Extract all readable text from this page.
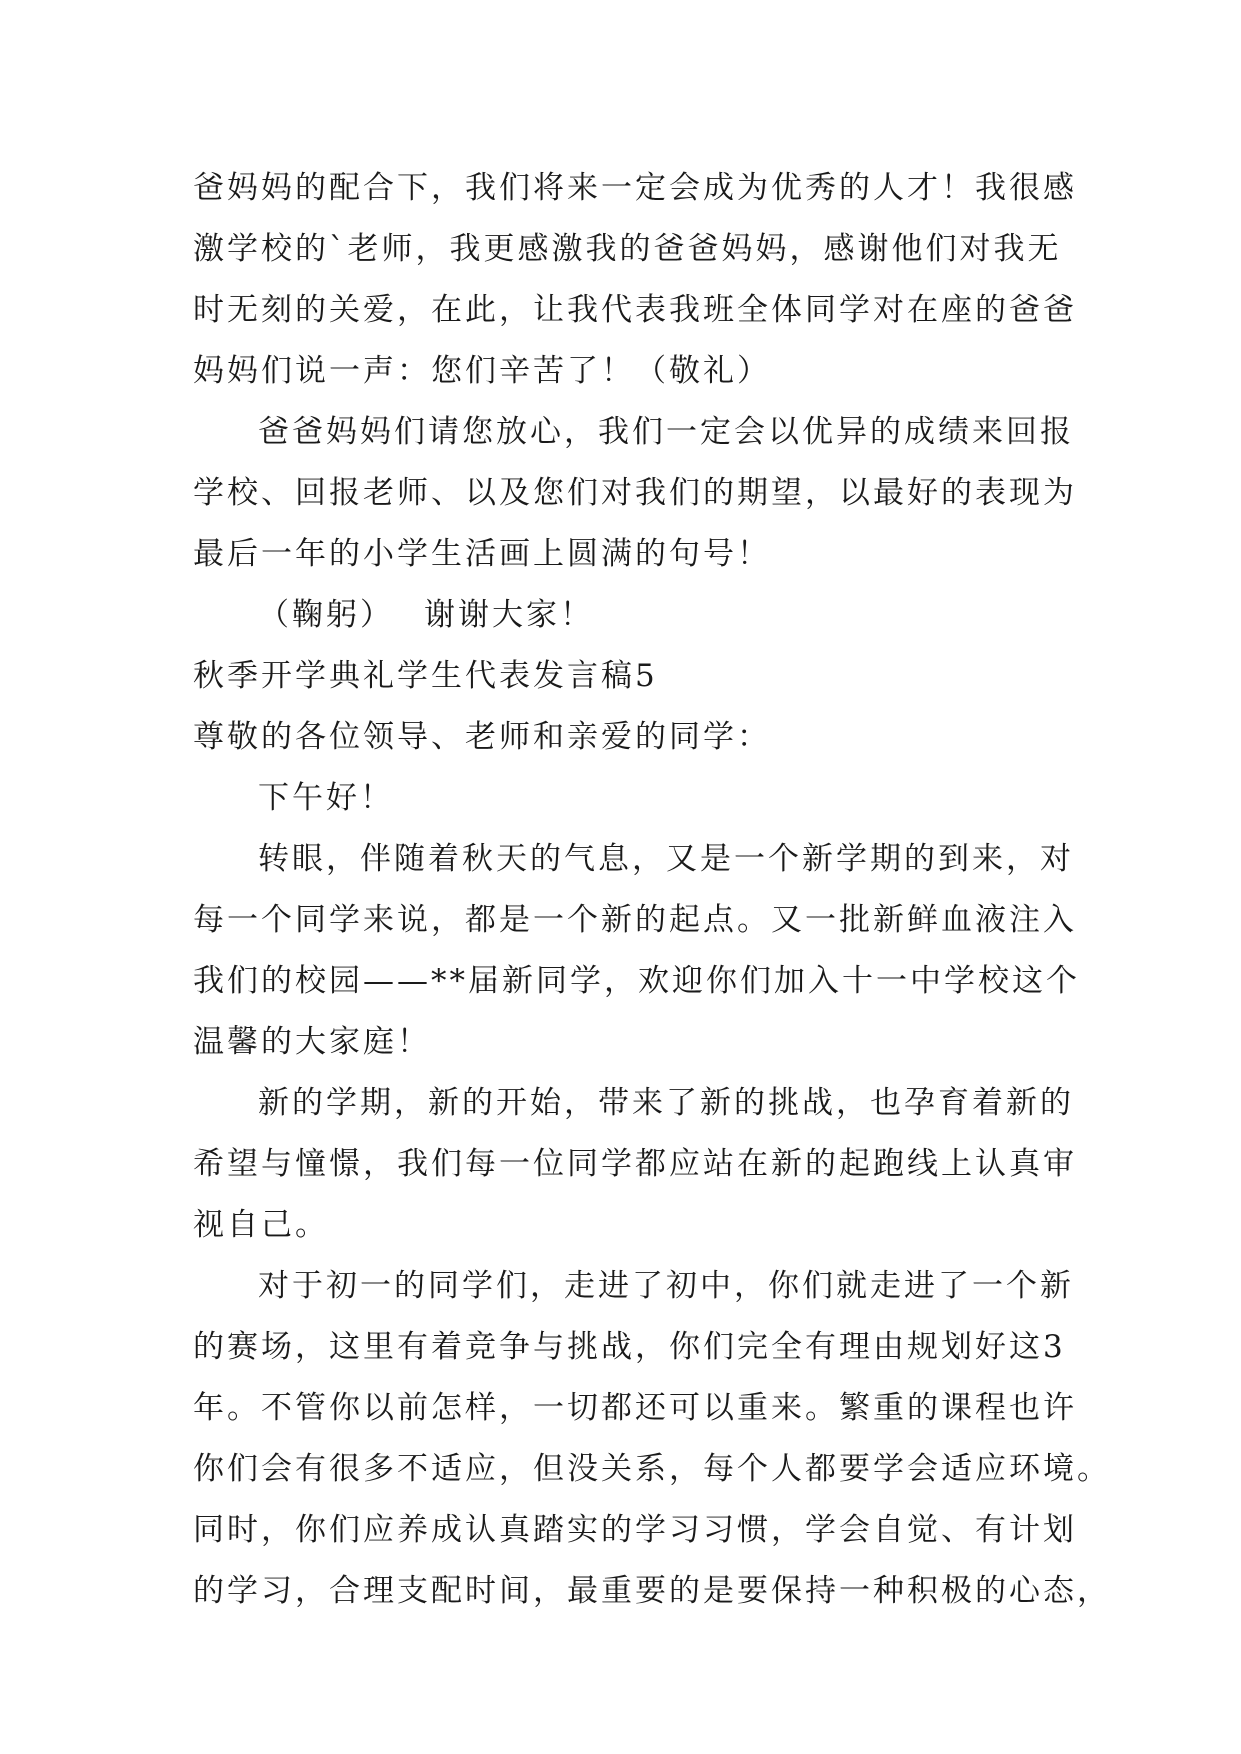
爸妈妈的配合下，我们将来一定会成为优秀的人才！我很感
激学校的`老师，我更感激我的爸爸妈妈，感谢他们对我无
时无刻的关爱，在此，让我代表我班全体同学对在座的爸爸
妈妈们说一声：您们辛苦了！（敬礼）
爸爸妈妈们请您放心，我们一定会以优异的成绩来回报
学校、回报老师、以及您们对我们的期望，以最好的表现为
最后一年的小学生活画上圆满的句号！
（鞠躬） 谢谢大家！
秋季开学典礼学生代表发言稿5
尊敬的各位领导、老师和亲爱的同学：
下午好！
转眼，伴随着秋天的气息，又是一个新学期的到来，对
每一个同学来说，都是一个新的起点。又一批新鲜血液注入
我们的校园——**届新同学，欢迎你们加入十一中学校这个
温馨的大家庭！
新的学期，新的开始，带来了新的挑战，也孕育着新的
希望与憧憬，我们每一位同学都应站在新的起跑线上认真审
视自己。
对于初一的同学们，走进了初中，你们就走进了一个新
的赛场，这里有着竞争与挑战，你们完全有理由规划好这3
年。不管你以前怎样，一切都还可以重来。繁重的课程也许
你们会有很多不适应，但没关系，每个人都要学会适应环境。
同时，你们应养成认真踏实的学习习惯，学会自觉、有计划
的学习，合理支配时间，最重要的是要保持一种积极的心态，
